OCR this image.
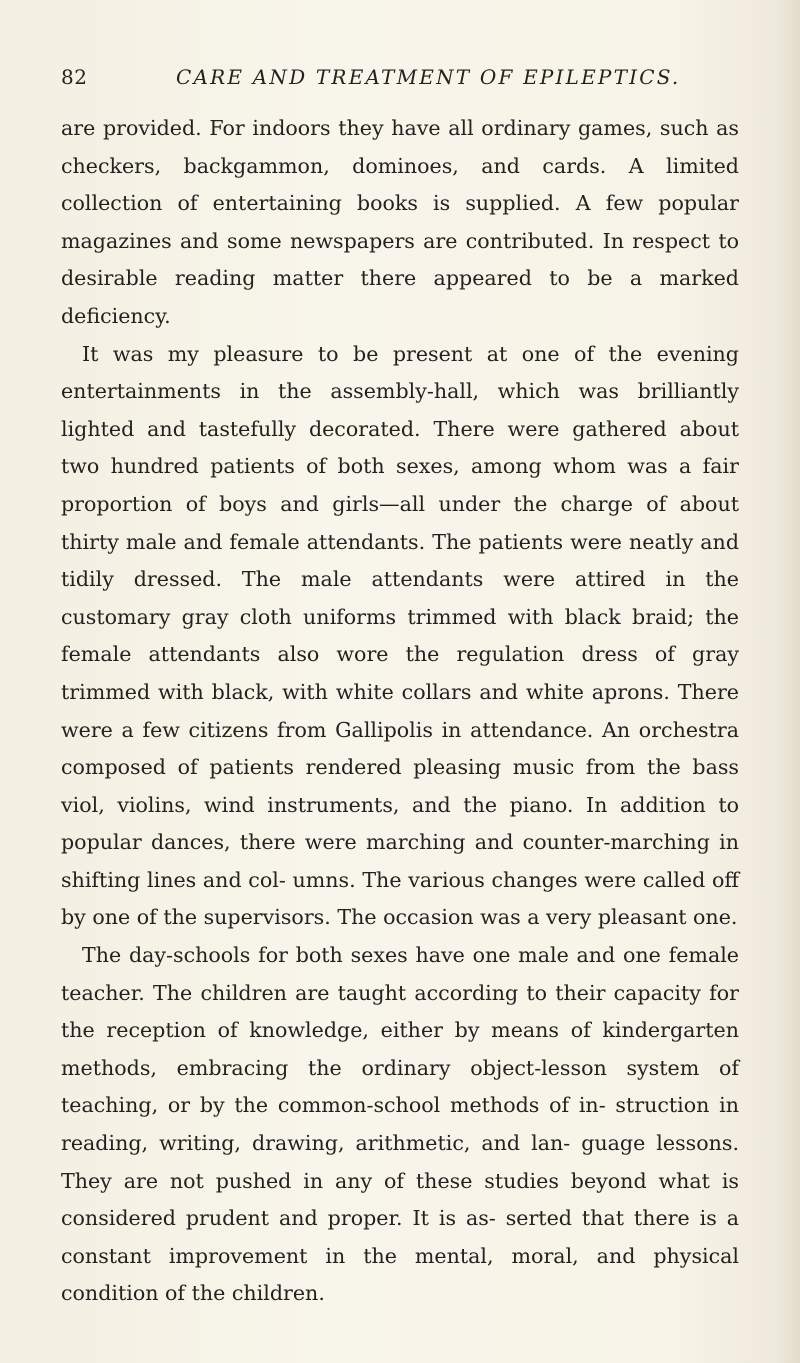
82	CARE AND TREATMENT OF EPILEPTICS.

are provided. For indoors they have all ordinary games, such as checkers, backgammon, dominoes, and cards. A limited collection of entertaining books is supplied. A few popular magazines and some newspapers are contributed. In respect to desirable reading matter there appeared to be a marked deficiency.

It was my pleasure to be present at one of the evening entertainments in the assembly-hall, which was brilliantly lighted and tastefully decorated. There were gathered about two hundred patients of both sexes, among whom was a fair proportion of boys and girls—all under the charge of about thirty male and female attendants. The patients were neatly and tidily dressed. The male attendants were attired in the customary gray cloth uniforms trimmed with black braid; the female attendants also wore the regulation dress of gray trimmed with black, with white collars and white aprons. There were a few citizens from Gallipolis in attendance. An orchestra composed of patients rendered pleasing music from the bass viol, violins, wind instruments, and the piano. In addition to popular dances, there were marching and counter-marching in shifting lines and col- umns. The various changes were called off by one of the supervisors. The occasion was a very pleasant one.

The day-schools for both sexes have one male and one female teacher. The children are taught according to their capacity for the reception of knowledge, either by means of kindergarten methods, embracing the ordinary object-lesson system of teaching, or by the common-school methods of in- struction in reading, writing, drawing, arithmetic, and lan- guage lessons. They are not pushed in any of these studies beyond what is considered prudent and proper. It is as- serted that there is a constant improvement in the mental, moral, and physical condition of the children.
